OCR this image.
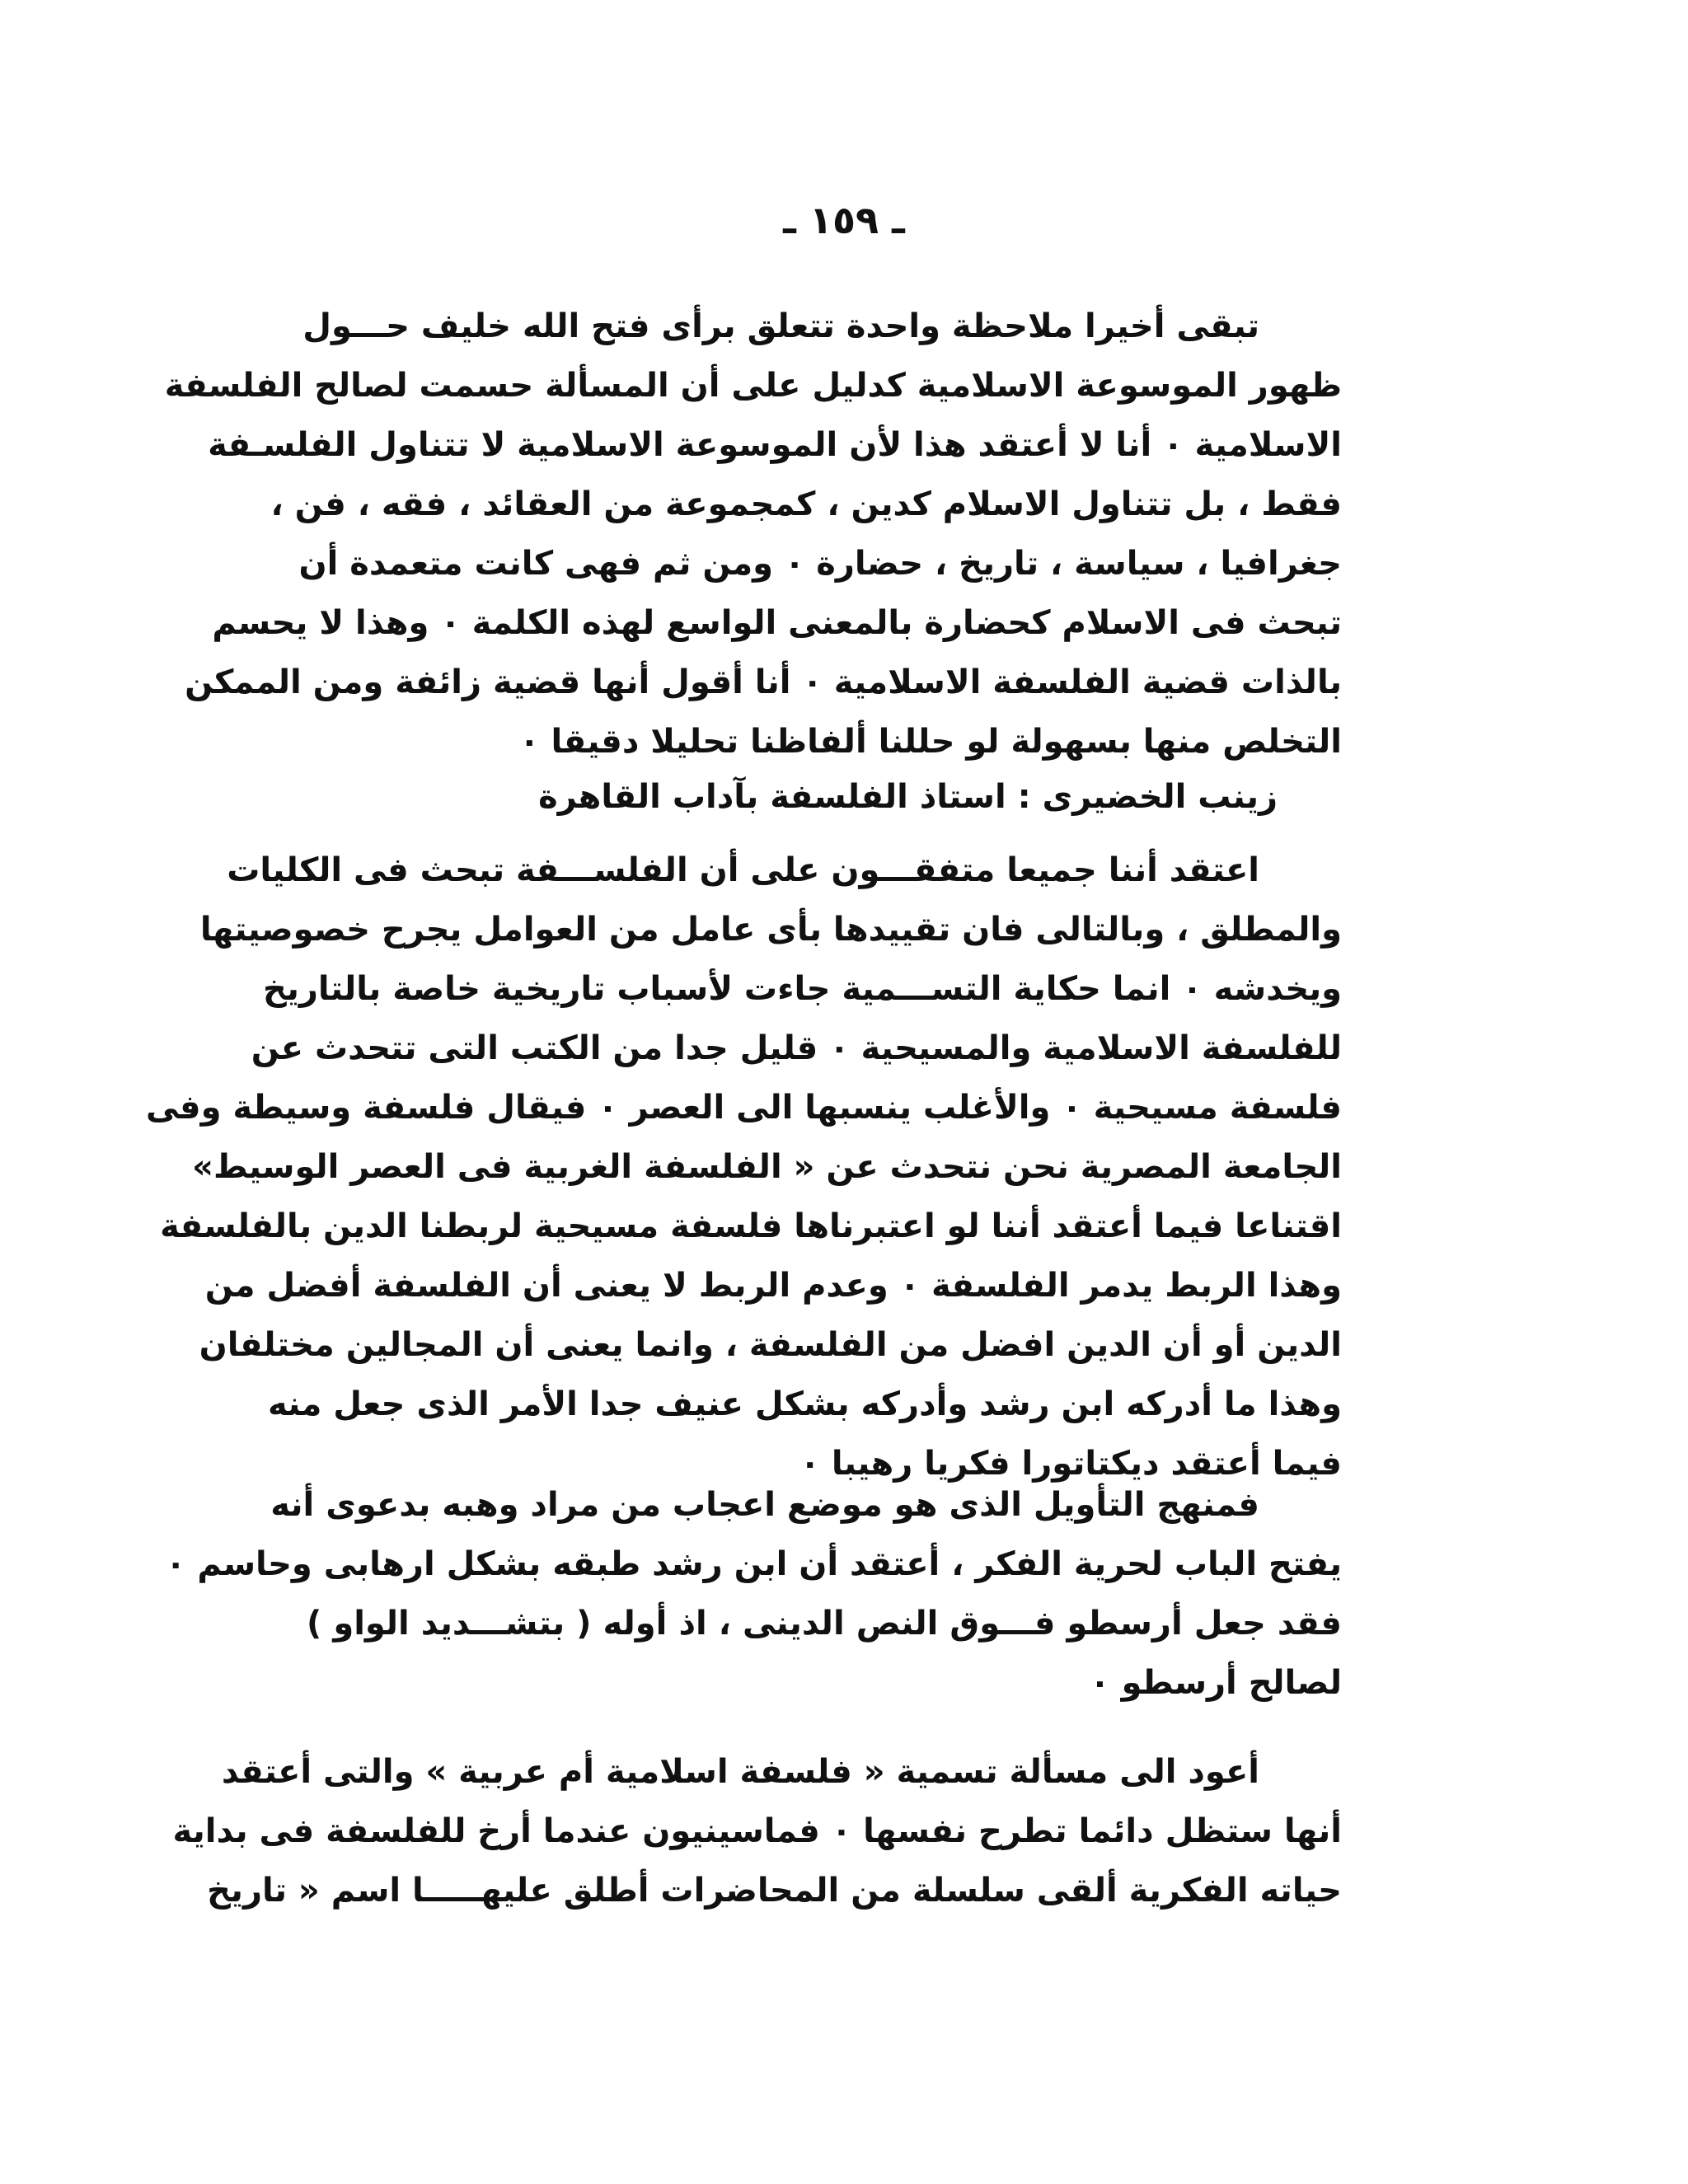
ـ ١٥٩ ـ
تبقى أخيرا ملاحظة واحدة تتعلق برأى فتح الله خليف حـــول
ظهور الموسوعة الاسلامية كدليل على أن المسألة حسمت لصالح الفلسفة
الاسلامية ٠ أنا لا أعتقد هذا لأن الموسوعة الاسلامية لا تتناول الفلسـفة
فقط ، بل تتناول الاسلام كدين ، كمجموعة من العقائد ، فقه ، فن ،
جغرافيا ، سياسة ، تاريخ ، حضارة ٠ ومن ثم فهى كانت متعمدة أن
تبحث فى الاسلام كحضارة بالمعنى الواسع لهذه الكلمة ٠ وهذا لا يحسم
بالذات قضية الفلسفة الاسلامية ٠ أنا أقول أنها قضية زائفة ومن الممكن
التخلص منها بسهولة لو حللنا ألفاظنا تحليلا دقيقا ٠
زينب الخضيرى : استاذ الفلسفة بآداب القاهرة
اعتقد أننا جميعا متفقـــون على أن الفلســـفة تبحث فى الكليات
والمطلق ، وبالتالى فان تقييدها بأى عامل من العوامل يجرح خصوصيتها
ويخدشه ٠ انما حكاية التســـمية جاءت لأسباب تاريخية خاصة بالتاريخ
للفلسفة الاسلامية والمسيحية ٠ قليل جدا من الكتب التى تتحدث عن
فلسفة مسيحية ٠ والأغلب ينسبها الى العصر ٠ فيقال فلسفة وسيطة وفى
الجامعة المصرية نحن نتحدث عن « الفلسفة الغربية فى العصر الوسيط»
اقتناعا فيما أعتقد أننا لو اعتبرناها فلسفة مسيحية لربطنا الدين بالفلسفة
وهذا الربط يدمر الفلسفة ٠ وعدم الربط لا يعنى أن الفلسفة أفضل من
الدين أو أن الدين افضل من الفلسفة ، وانما يعنى أن المجالين مختلفان
وهذا ما أدركه ابن رشد وأدركه بشكل عنيف جدا الأمر الذى جعل منه
فيما أعتقد ديكتاتورا فكريا رهيبا ٠
فمنهج التأويل الذى هو موضع اعجاب من مراد وهبه بدعوى أنه
يفتح الباب لحرية الفكر ، أعتقد أن ابن رشد طبقه بشكل ارهابى وحاسم ٠
فقد جعل أرسطو فـــوق النص الدينى ، اذ أوله ( بتشـــديد الواو )
لصالح أرسطو ٠
أعود الى مسألة تسمية « فلسفة اسلامية أم عربية » والتى أعتقد
أنها ستظل دائما تطرح نفسها ٠ فماسينيون عندما أرخ للفلسفة فى بداية
حياته الفكرية ألقى سلسلة من المحاضرات أطلق عليهـــــا اسم « تاريخ
